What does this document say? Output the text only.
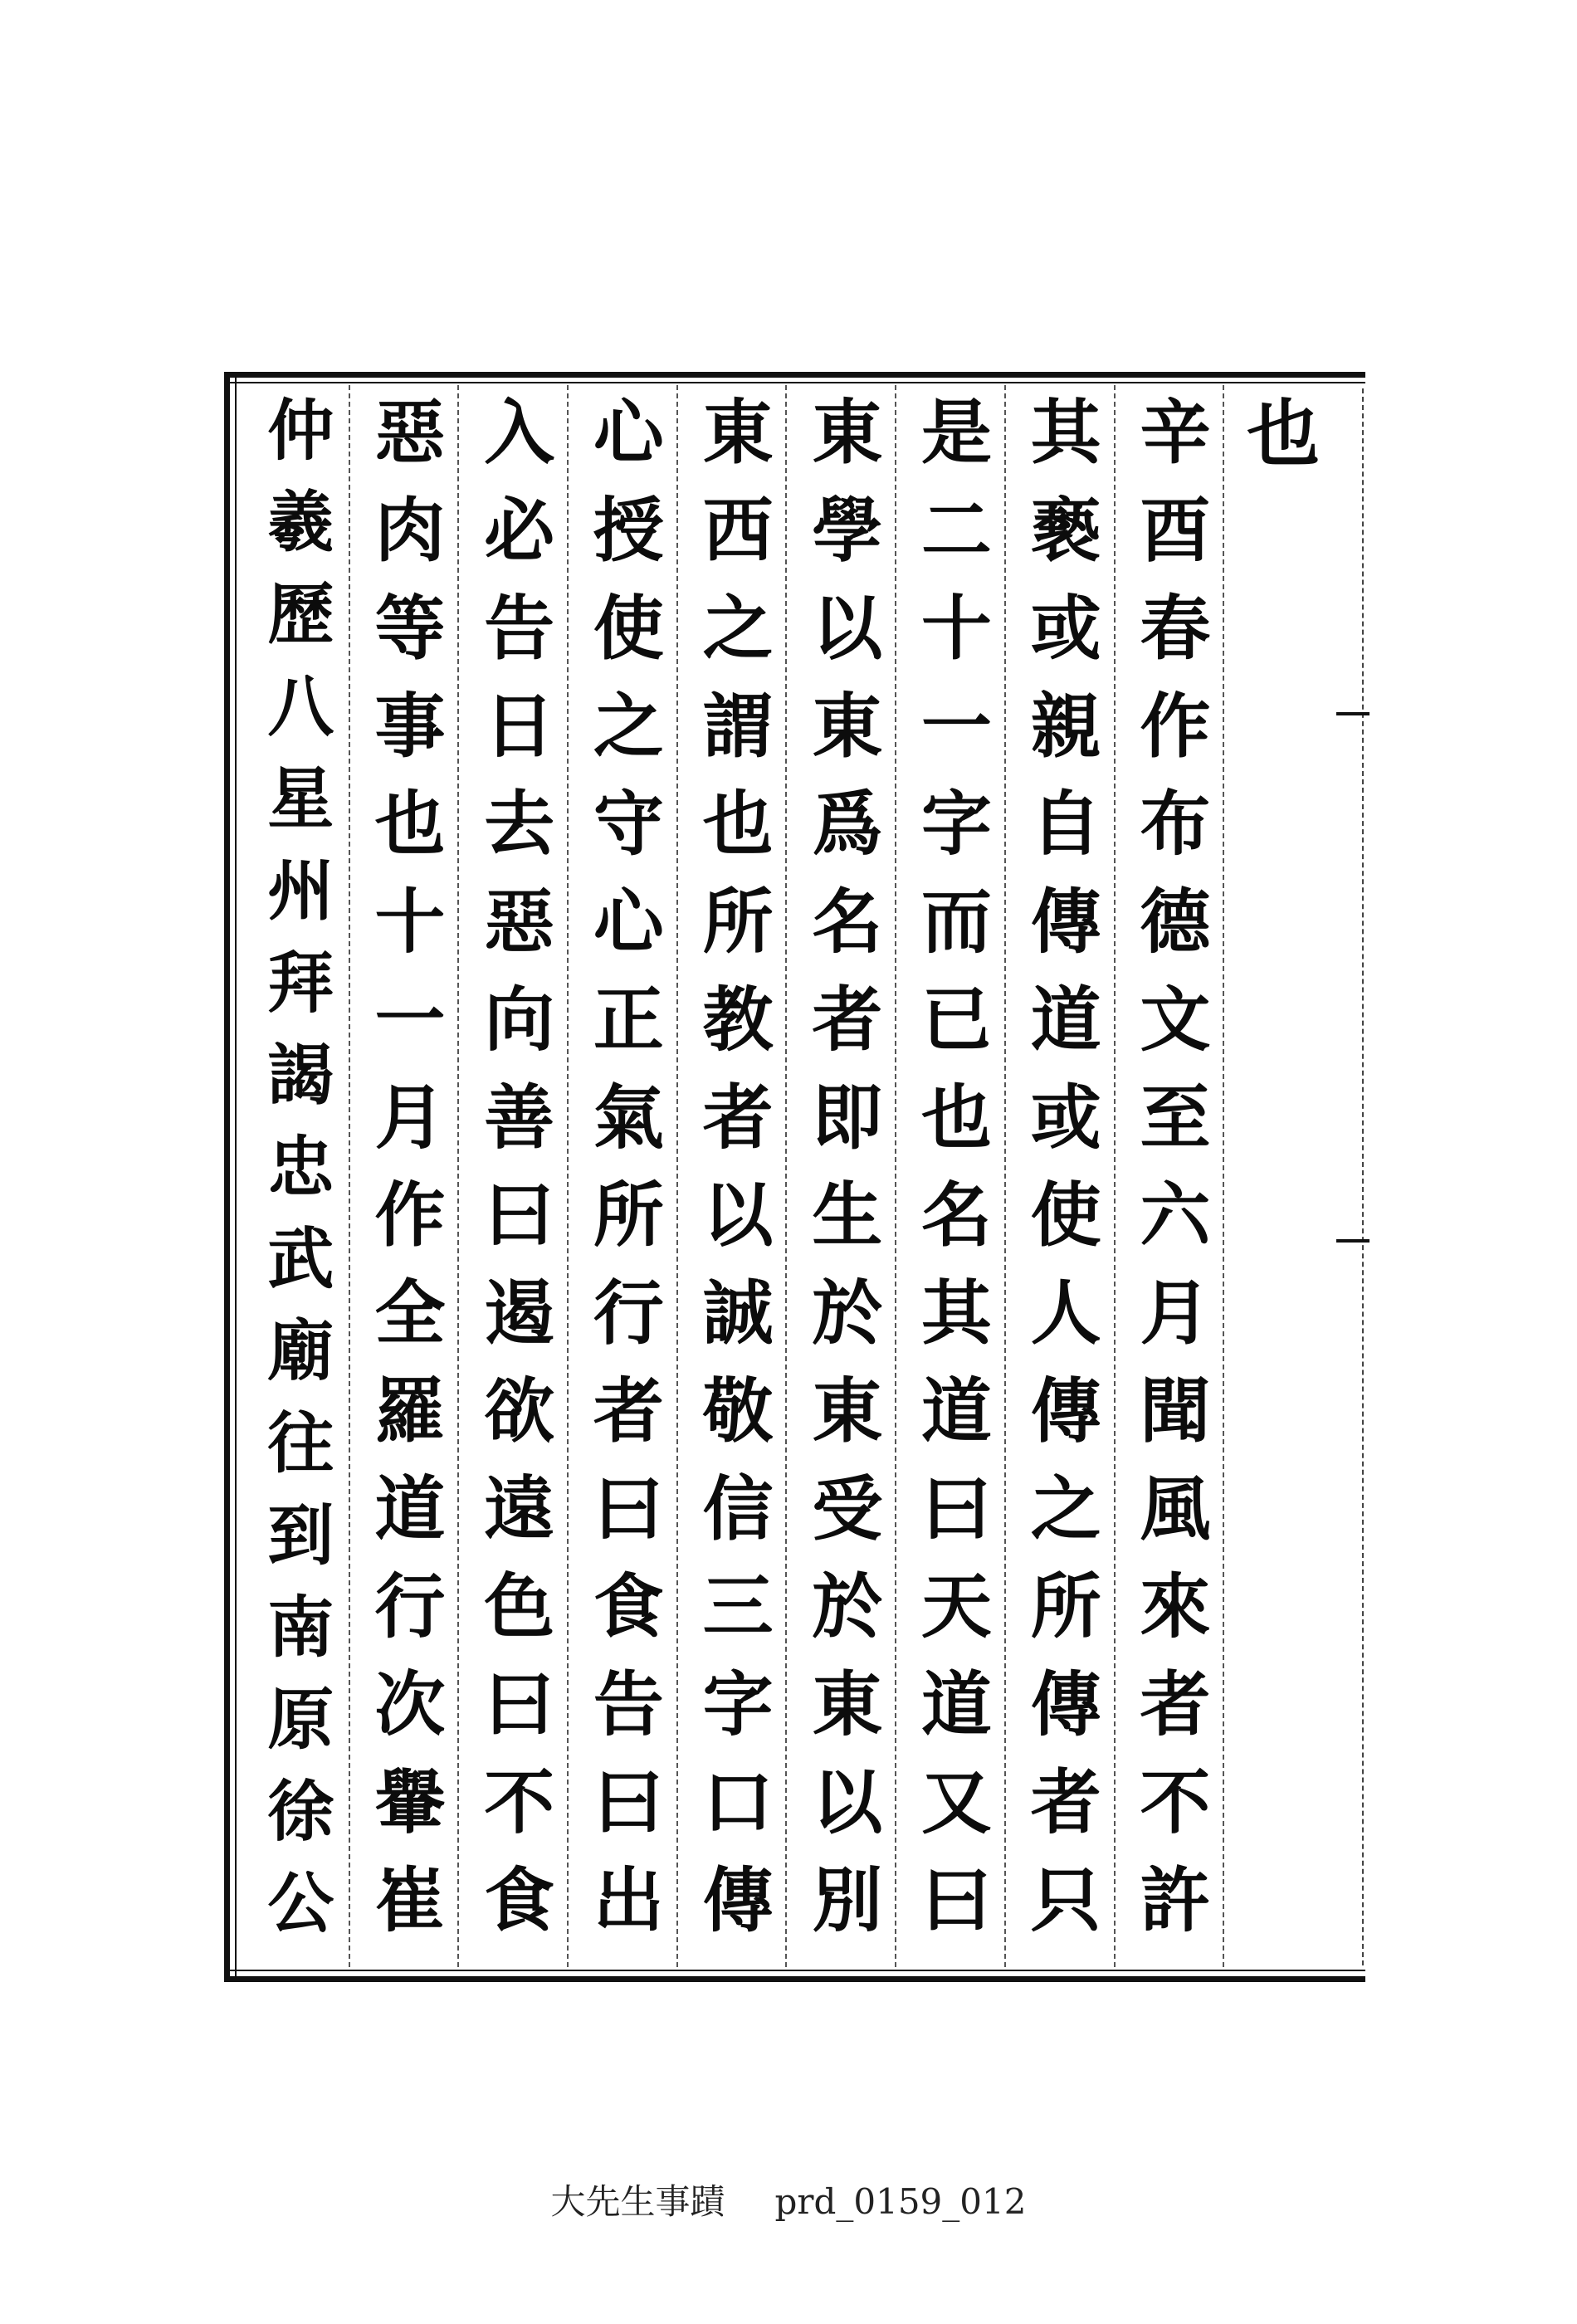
也
辛酉春作布德文至六月聞風來者不許
其褻或親自傳道或使人傳之所傳者只
是二十一字而已也名其道曰天道又曰
東學以東爲名者即生於東受於東以別
東西之謂也所教者以誠敬信三字口傳
心授使之守心正氣所行者曰食告曰出
入必告日去惡向善曰遏欲遠色曰不食
惡肉等事也十一月作全羅道行次轝崔
仲羲歷八星州拜謁忠武廟往到南原徐公
大先生事蹟 prd_0159_012
